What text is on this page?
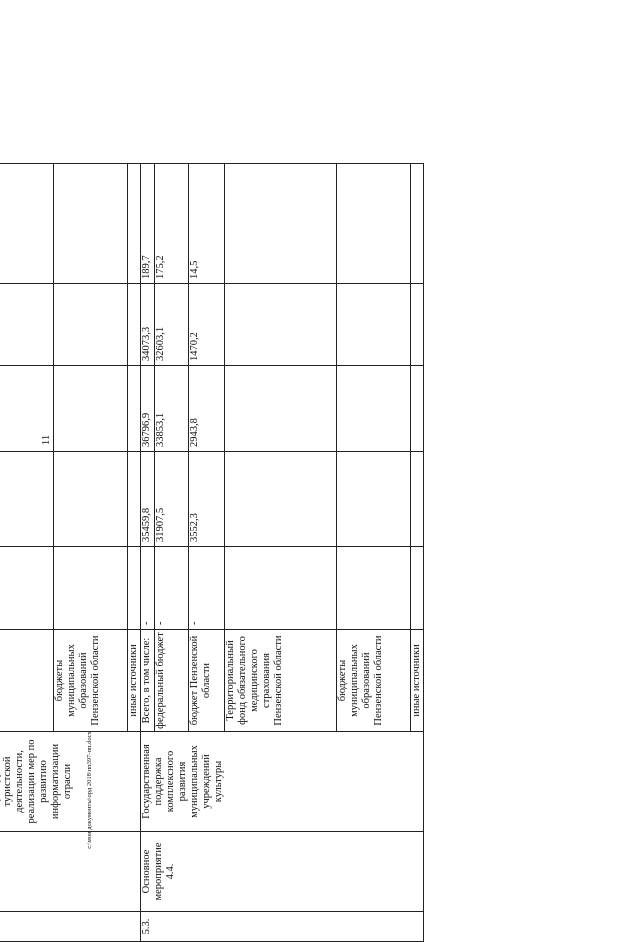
11

		туристской деятельности, реализации мер по развитию информатизации отрасли						

			бюджеты муниципальных образований Пензенской области					
			иные источники					
5.3.	Основное мероприятие 4.4.	Государственная поддержка комплексного развития муниципальных учреждений культуры	Всего, в том числе:	-	35459,8	36796,9	34073,3	189,7
			федеральный бюджет	-	31907,5	33853,1	32603,1	175,2
			бюджет Пензенской области	-	3552,3	2943,8	1470,2	14,5
			Территориальный фонд обязательного медицинского страхования Пензенской области					
			бюджеты муниципальных образований Пензенской области					
			иные источники					
c:\мои документы\орд 2018\пп397-пп.docx
